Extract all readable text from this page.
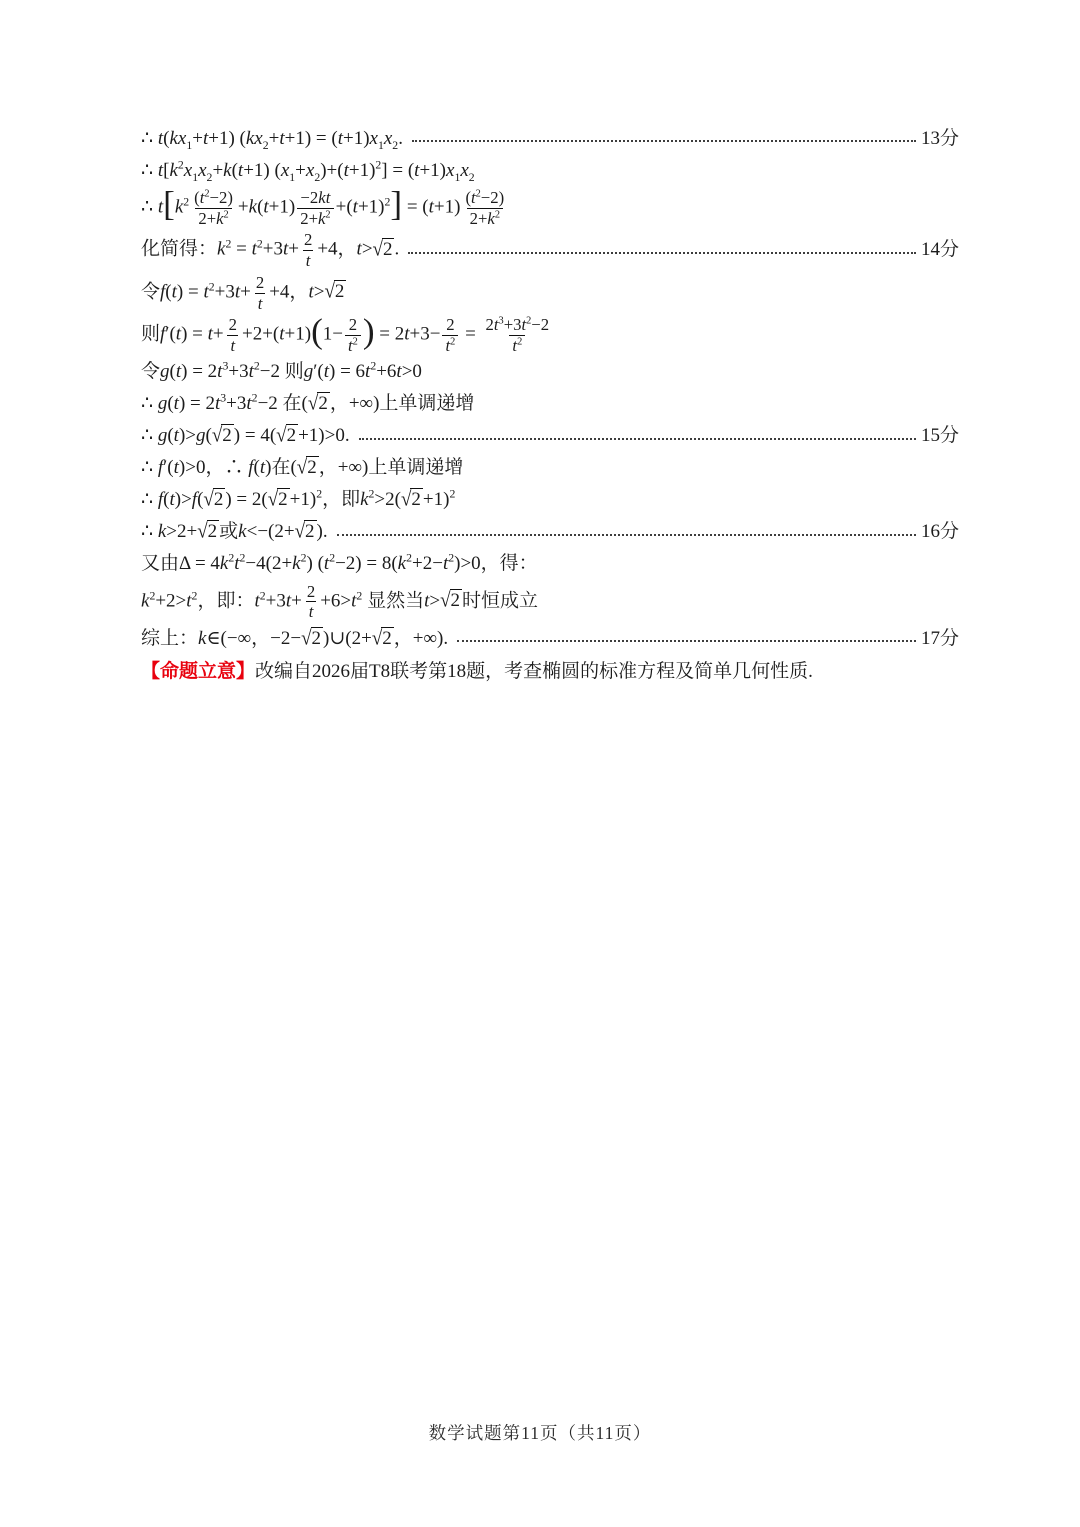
∴ $t(kx_1+t+1) (kx_2+t+1) = (t+1)x_1x_2$.	13分
∴ $t[k^2x_1x_2+k(t+1) (x_1+x_2)+(t+1)^2] = (t+1)x_1x_2$
∴ $t[k^2 \frac{(t^2-2)}{2+k^2} +k(t+1) \frac{-2kt}{2+k^2} +(t+1)^2] = (t+1) \frac{(t^2-2)}{2+k^2}$
化简得：$k^2 = t^2+3t+ \frac{2}{t} +4$，t>√2 .	14分
令$f(t) = t^2+3t+ \frac{2}{t} +4$，t>√2
则$f'(t) = t+ \frac{2}{t} +2+(t+1)(1- \frac{2}{t^2}$ ) = $2t+3- \frac{2}{t^2} = \frac{2t^3+3t^2-2}{t^2}$
令$g(t) = 2t^3+3t^2-2$ 则$g'(t) = 6t^2+6t>0$
∴ $g(t) = 2t^3+3t^2-2$ 在(√2 ，+∞)上单调递增
∴ g(t)>g(√2 ) = 4(√2 +1)>0.	15分
∴ f′(t)>0，∴ f(t)在(√2 ，+∞)上单调递增
∴ f(t)>f(√2 ) = $2(√2 +1)^2$，即$k^2>2(√2 +1)^2$
∴ k>2+√2 或k<−(2+√2 ).	16分
又由$\Delta = 4k^2t^2-4(2+k^2) (t^2-2) = 8(k^2+2-t^2)>0$，得：
$k^2+2>t^2$，即：$t^2+3t+ \frac{2}{t} +6>t^2$ 显然当t>√2 时恒成立
综上：k∈(−∞，−2−√2 )∪(2+√2 ，+∞).	17分
【命题立意】 改编自2026届T8联考第18题，考查椭圆的标准方程及简单几何性质.
数学试题第11页（共11页）
